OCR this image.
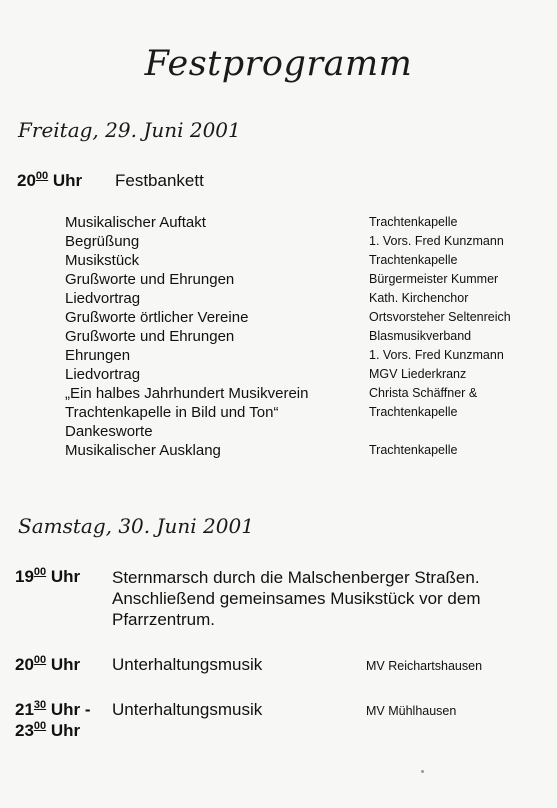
Festprogramm
Freitag, 29. Juni 2001
$20^{00}$ Uhr Festbankett
Musikalischer Auftakt	Trachtenkapelle
Begrüßung	1. Vors. Fred Kunzmann
Musikstück	Trachtenkapelle
Grußworte und Ehrungen	Bürgermeister Kummer
Liedvortrag	Kath. Kirchenchor
Grußworte örtlicher Vereine	Ortsvorsteher Seltenreich
Grußworte und Ehrungen	Blasmusikverband
Ehrungen	1. Vors. Fred Kunzmann
Liedvortrag	MGV Liederkranz
„Ein halbes Jahrhundert Musikverein	Christa Schäffner &
Trachtenkapelle in Bild und Ton“	Trachtenkapelle
Dankesworte
Musikalischer Ausklang	Trachtenkapelle
Samstag, 30. Juni 2001
$19^{00}$ Uhr Sternmarsch durch die Malschenberger Straßen. Anschließend gemeinsames Musikstück vor dem Pfarrzentrum.
$20^{00}$ Uhr Unterhaltungsmusik	MV Reichartshausen
$21^{30}$ Uhr -
$23^{00}$ Uhr
Unterhaltungsmusik	MV Mühlhausen
